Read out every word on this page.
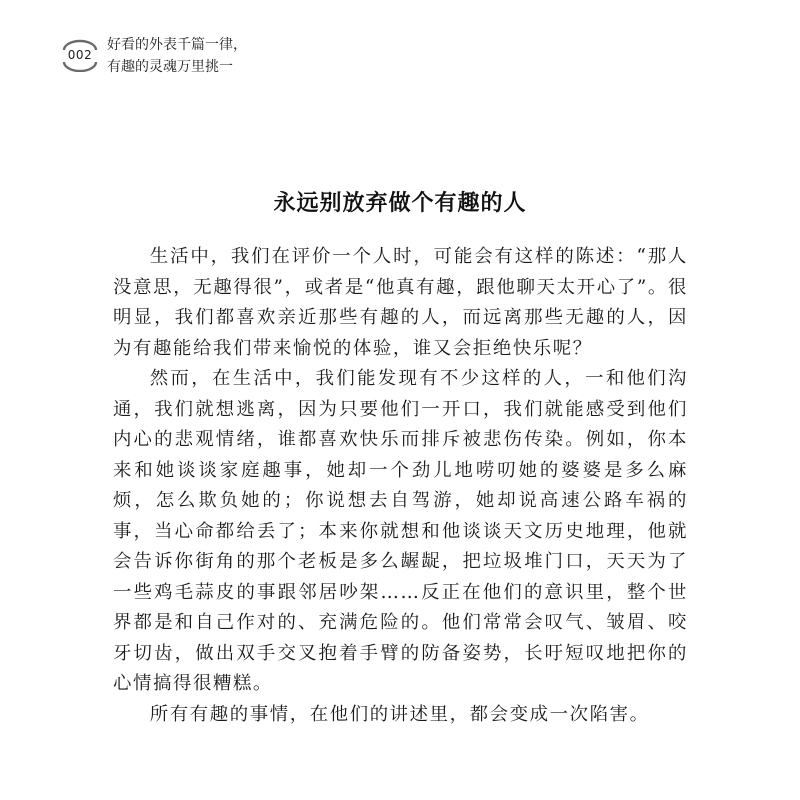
002
好看的外表千篇一律，
有趣的灵魂万里挑一
永远别放弃做个有趣的人

生活中，我们在评价一个人时，可能会有这样的陈述：“那人没意思，无趣得很”，或者是“他真有趣，跟他聊天太开心了”。很明显，我们都喜欢亲近那些有趣的人，而远离那些无趣的人，因为有趣能给我们带来愉悦的体验，谁又会拒绝快乐呢？

然而，在生活中，我们能发现有不少这样的人，一和他们沟通，我们就想逃离，因为只要他们一开口，我们就能感受到他们内心的悲观情绪，谁都喜欢快乐而排斥被悲伤传染。例如，你本来和她谈谈家庭趣事，她却一个劲儿地唠叨她的婆婆是多么麻烦，怎么欺负她的；你说想去自驾游，她却说高速公路车祸的事，当心命都给丢了；本来你就想和他谈谈天文历史地理，他就会告诉你街角的那个老板是多么龌龊，把垃圾堆门口，天天为了一些鸡毛蒜皮的事跟邻居吵架……反正在他们的意识里，整个世界都是和自己作对的、充满危险的。他们常常会叹气、皱眉、咬牙切齿，做出双手交叉抱着手臂的防备姿势，长吁短叹地把你的心情搞得很糟糕。

所有有趣的事情，在他们的讲述里，都会变成一次陷害。
